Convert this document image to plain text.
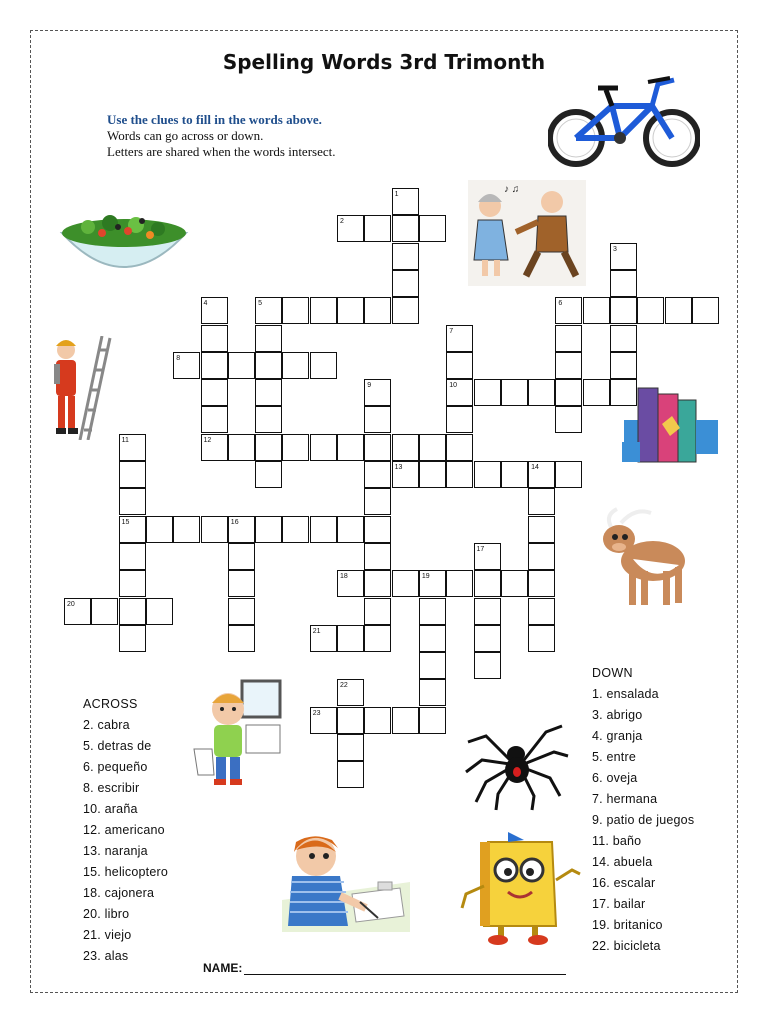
Spelling Words 3rd Trimonth
Use the clues to fill in the words above.
Words can go across or down.
Letters are shared when the words intersect.
1
2
3
4	5	6
7
8
9	10
11	12
13	14
15	16
17
18	19
20
21
22
23
♪ ♫
ACROSS
2. cabra
5. detras de
6. pequeño
8. escribir
10. araña
12. americano
13. naranja
15. helicoptero
18. cajonera
20. libro
21. viejo
23. alas
DOWN
1. ensalada
3. abrigo
4. granja
5. entre
6. oveja
7. hermana
9. patio de juegos
11. baño
14. abuela
16. escalar
17. bailar
19. britanico
22. bicicleta
NAME:
